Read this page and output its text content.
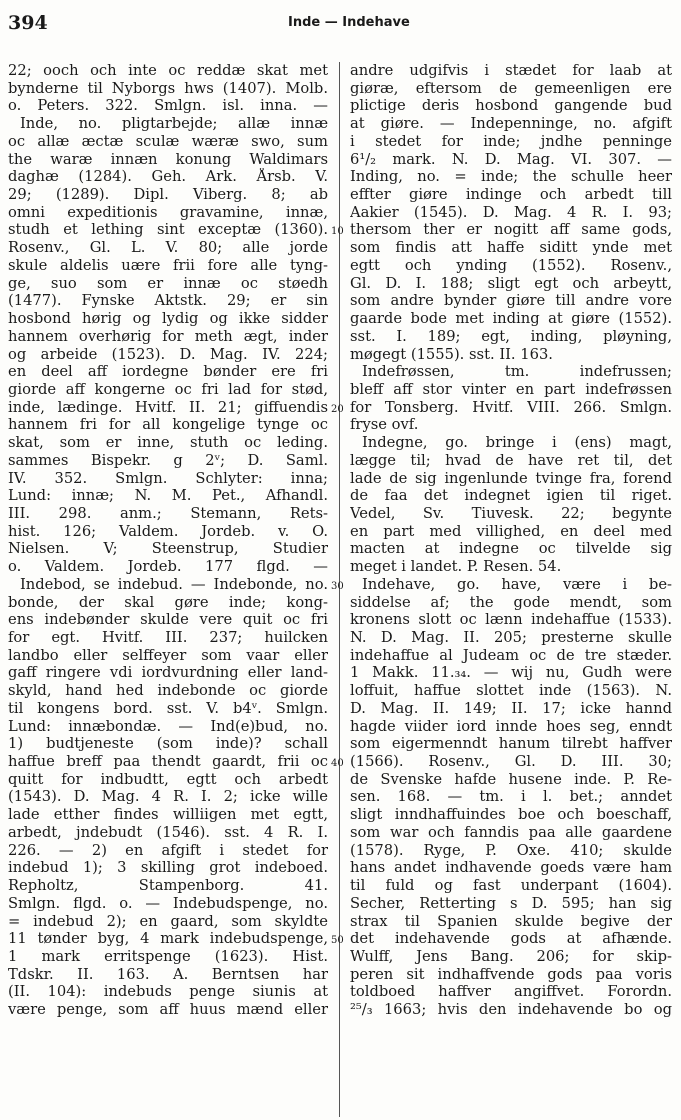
394	Inde — Indehave
22; ooch och inte oc reddæ skat met
bynderne til Nyborgs hws (1407). Molb.
o. Peters. 322. Smlgn. isl. inna. —
Inde, no. pligtarbejde; allæ innæ
oc allæ æctæ sculæ wæræ swo, sum
the waræ innæn konung Waldimars
daghæ (1284). Geh. Ark. Årsb. V.
29; (1289). Dipl. Viberg. 8; ab
omni expeditionis gravamine, innæ,
studh et lething sint exceptæ (1360).
Rosenv., Gl. L. V. 80; alle jorde
skule aldelis uære frii fore alle tyng-
ge, suo som er innæ oc støedh
(1477). Fynske Aktstk. 29; er sin
hosbond hørig og lydig og ikke sidder
hannem overhørig for meth ægt, inder
og arbeide (1523). D. Mag. IV. 224;
en deel aff iordegne bønder ere fri
giorde aff kongerne oc fri lad for stød,
inde, lædinge. Hvitf. II. 21; giffuendis
hannem fri for all kongelige tynge oc
skat, som er inne, stuth oc leding.
sammes Bispekr. g 2ᵛ; D. Saml.
IV. 352. Smlgn. Schlyter: inna;
Lund: innæ; N. M. Pet., Afhandl.
III. 298. anm.; Stemann, Rets-
hist. 126; Valdem. Jordeb. v. O.
Nielsen. V; Steenstrup, Studier
o. Valdem. Jordeb. 177 flgd. —
Indebod, se indebud. — Indebonde, no.
bonde, der skal gøre inde; kong-
ens indebønder skulde vere quit oc fri
for egt. Hvitf. III. 237; huilcken
landbo eller selffeyer som vaar eller
gaff ringere vdi iordvurdning eller land-
skyld, hand hed indebonde oc giorde
til kongens bord. sst. V. b4ᵛ. Smlgn.
Lund: innæbondæ. — Ind(e)bud, no.
1) budtjeneste (som inde)? schall
haffue breff paa thendt gaardt, frii oc
quitt for indbudtt, egtt och arbedt
(1543). D. Mag. 4 R. I. 2; icke wille
lade etther findes williigen met egtt,
arbedt, jndebudt (1546). sst. 4 R. I.
226. — 2) en afgift i stedet for
indebud 1); 3 skilling grot indeboed.
Repholtz, Stampenborg. 41.
Smlgn. flgd. o. — Indebudspenge, no.
= indebud 2); en gaard, som skyldte
11 tønder byg, 4 mark indebudspenge,
1 mark erritspenge (1623). Hist.
Tdskr. II. 163. A. Berntsen har
(II. 104): indebuds penge siunis at
være penge, som aff huus mænd eller
andre udgifvis i stædet for laab at
giøræ, eftersom de gemeenligen ere
plictige deris hosbond gangende bud
at giøre. — Indepenninge, no. afgift
i stedet for inde; jndhe penninge
6¹/₂ mark. N. D. Mag. VI. 307. —
Inding, no. = inde; the schulle heer
effter giøre indinge och arbedt till
Aakier (1545). D. Mag. 4 R. I. 93;
thersom ther er nogitt aff same gods,
som findis att haffe siditt ynde met
egtt och ynding (1552). Rosenv.,
Gl. D. I. 188; sligt egt och arbeytt,
som andre bynder giøre till andre vore
gaarde bode met inding at giøre (1552).
sst. I. 189; egt, inding, pløyning,
møgegt (1555). sst. II. 163.
Indefrøssen, tm. indefrussen;
bleff aff stor vinter en part indefrøssen
for Tonsberg. Hvitf. VIII. 266. Smlgn.
fryse ovf.
Indegne, go. bringe i (ens) magt,
lægge til; hvad de have ret til, det
lade de sig ingenlunde tvinge fra, forend
de faa det indegnet igien til riget.
Vedel, Sv. Tiuvesk. 22; begynte
en part med villighed, en deel med
macten at indegne oc tilvelde sig
meget i landet. P. Resen. 54.
Indehave, go. have, være i be-
siddelse af; the gode mendt, som
kronens slott oc lænn indehaffue (1533).
N. D. Mag. II. 205; presterne skulle
indehaffue al Judeam oc de tre stæder.
1 Makk. 11.₃₄. — wij nu, Gudh were
loffuit, haffue slottet inde (1563). N.
D. Mag. II. 149; II. 17; icke hannd
hagde viider iord innde hoes seg, enndt
som eigermenndt hanum tilrebt haffver
(1566). Rosenv., Gl. D. III. 30;
de Svenske hafde husene inde. P. Re-
sen. 168. — tm. i l. bet.; anndet
sligt inndhaffuindes boe och boeschaff,
som war och fanndis paa alle gaardene
(1578). Ryge, P. Oxe. 410; skulde
hans andet indhavende goeds være ham
til fuld og fast underpant (1604).
Secher, Retterting s D. 595; han sig
strax til Spanien skulde begive der
det indehavende gods at afhænde.
Wulff, Jens Bang. 206; for skip-
peren sit indhaffvende gods paa voris
toldboed haffver angiffvet. Forordn.
²⁵/₃ 1663; hvis den indehavende bo og
10
20
30
40
50
